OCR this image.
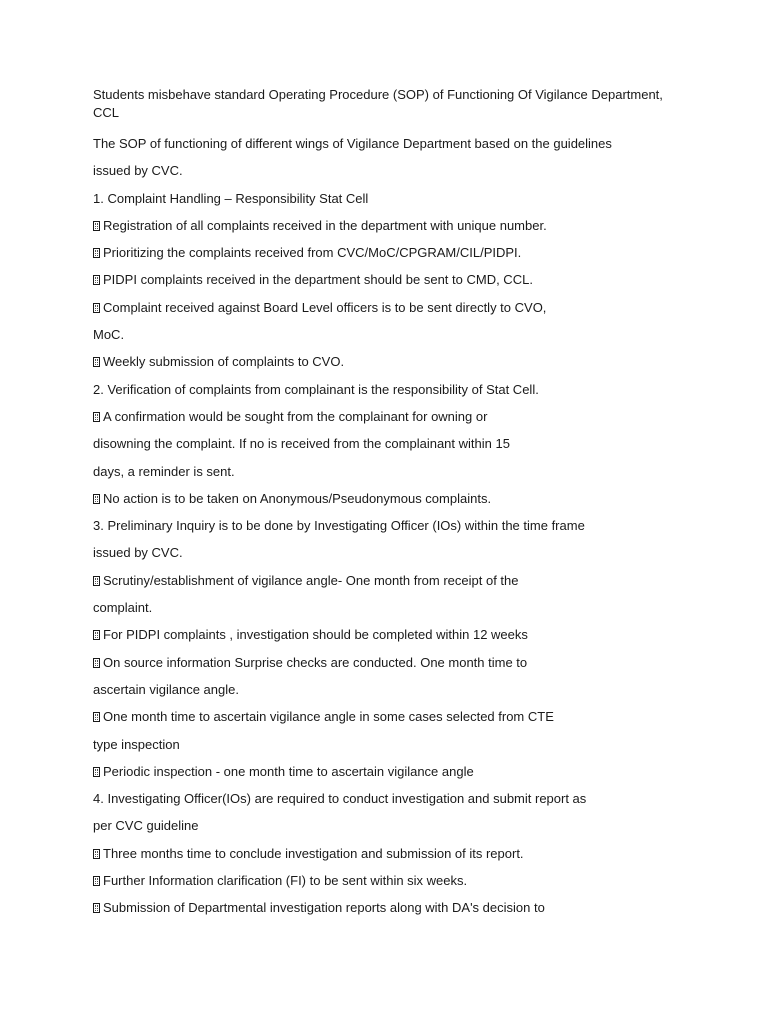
Students misbehave standard Operating Procedure (SOP) of Functioning Of Vigilance Department, CCL

The SOP of functioning of different wings of Vigilance Department based on the guidelines

issued by CVC.

1. Complaint Handling – Responsibility Stat Cell

Registration of all complaints received in the department with unique number.

Prioritizing the complaints received from CVC/MoC/CPGRAM/CIL/PIDPI.

PIDPI complaints received in the department should be sent to CMD, CCL.

Complaint received against Board Level officers is to be sent directly to CVO,

MoC.

Weekly submission of complaints to CVO.

2. Verification of complaints from complainant is the responsibility of Stat Cell.

A confirmation would be sought from the complainant for owning or

disowning the complaint. If no is received from the complainant within 15

days, a reminder is sent.

No action is to be taken on Anonymous/Pseudonymous complaints.

3. Preliminary Inquiry is to be done by Investigating Officer (IOs) within the time frame

issued by CVC.

Scrutiny/establishment of vigilance angle- One month from receipt of the

complaint.

For PIDPI complaints , investigation should be completed within 12 weeks

On source information Surprise checks are conducted. One month time to

ascertain vigilance angle.

One month time to ascertain vigilance angle in some cases selected from CTE

type inspection

Periodic inspection - one month time to ascertain vigilance angle

4. Investigating Officer(IOs) are required to conduct investigation and submit report as

per CVC guideline

Three months time to conclude investigation and submission of its report.

Further Information clarification (FI) to be sent within six weeks.

Submission of Departmental investigation reports along with DA's decision to
